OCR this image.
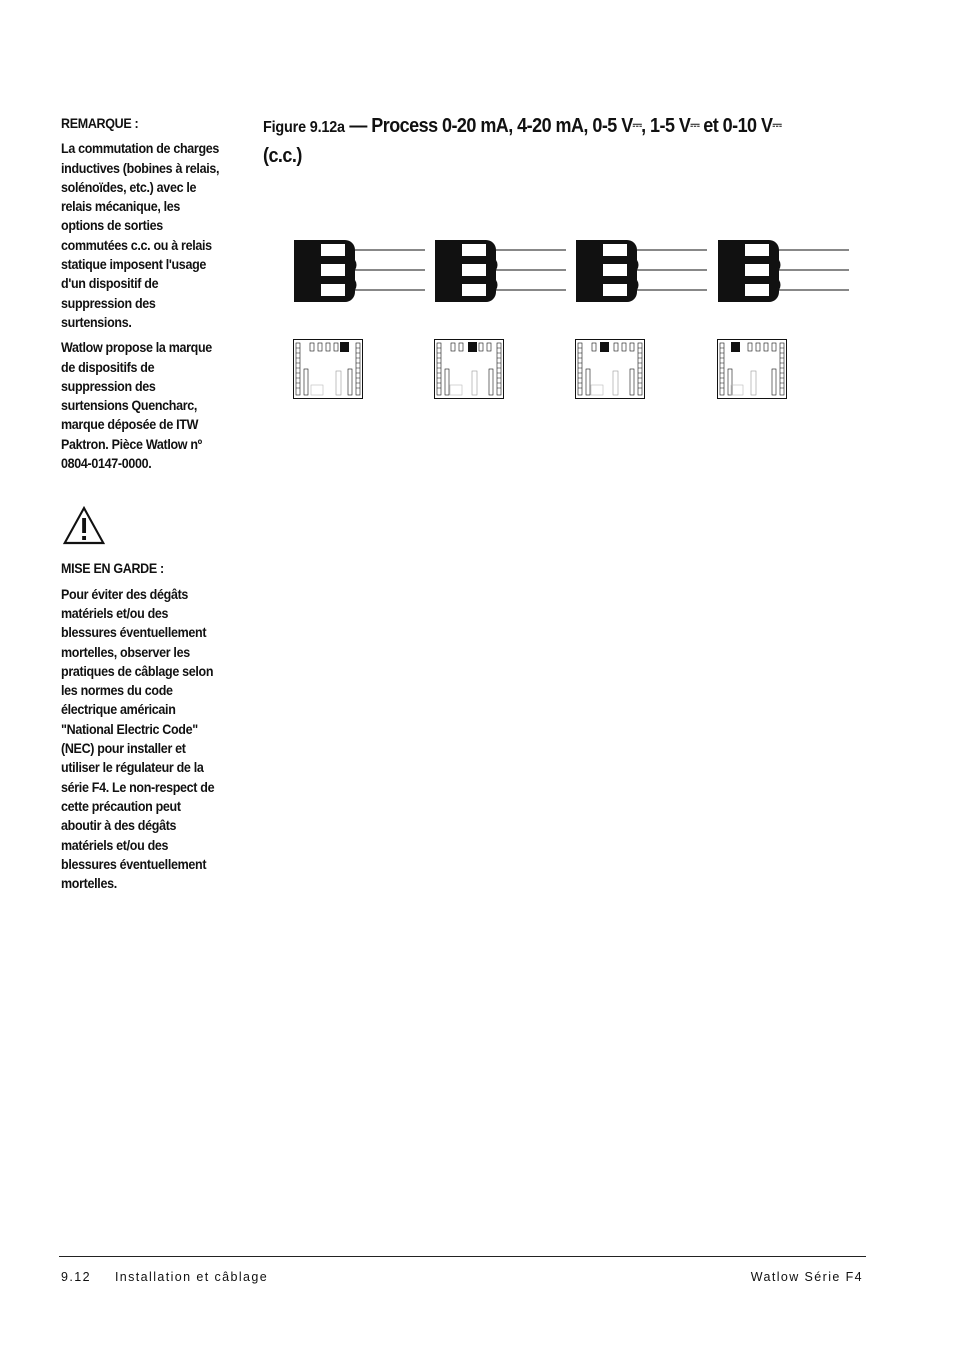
REMARQUE :

La commutation de charges inductives (bobines à relais, solénoïdes, etc.) avec le relais mécanique, les options de sorties commutées c.c. ou à relais statique imposent l'usage d'un dispositif de suppression des surtensions.

Watlow propose la marque de dispositifs de suppression des surtensions Quencharc, marque déposée de ITW Paktron. Pièce Watlow nº 0804-0147-0000.

MISE EN GARDE :

Pour éviter des dégâts matériels et/ou des blessures éventuellement mortelles, observer les pratiques de câblage selon les normes du code électrique américain "National Electric Code" (NEC) pour installer et utiliser le régulateur de la série F4. Le non-respect de cette précaution peut aboutir à des dégâts matériels et/ou des blessures éventuellement mortelles.

Figure 9.12a — Process 0-20 mA, 4-20 mA, 0-5 V⎓, 1-5 V⎓ et 0-10 V⎓ (c.c.)
9.12 Installation et câblage	Watlow Série F4
